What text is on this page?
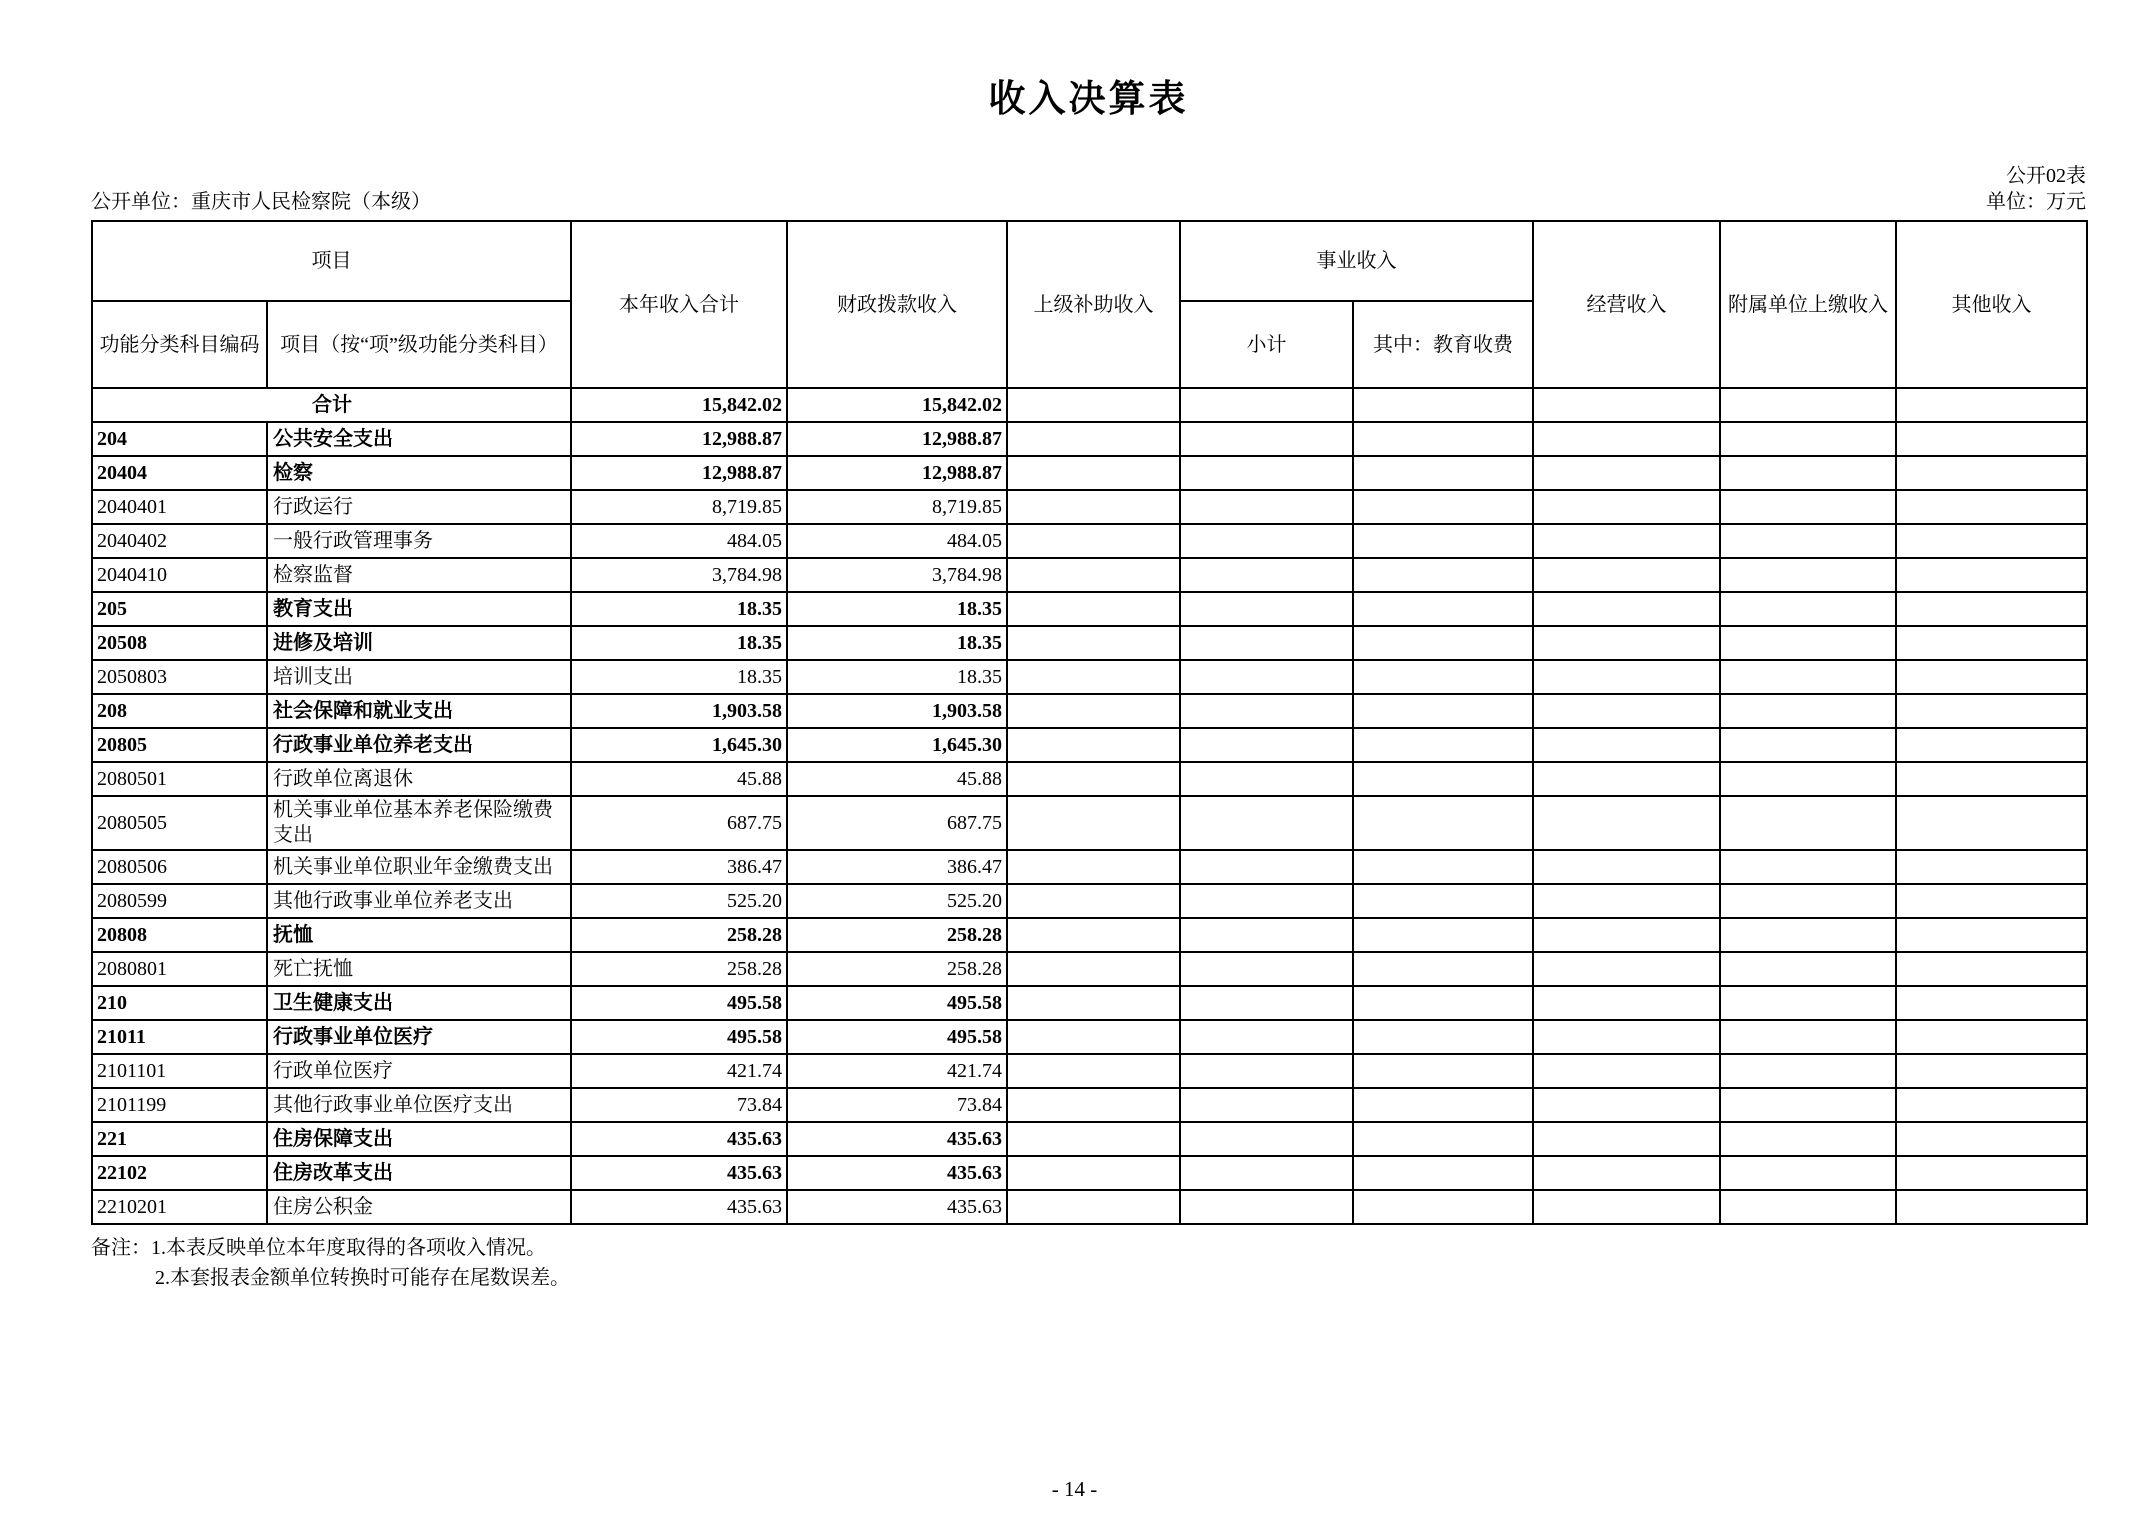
收入决算表
公开02表
公开单位：重庆市人民检察院（本级）	单位：万元
项目		本年收入合计	财政拨款收入	上级补助收入	事业收入		经营收入	附属单位上缴收入	其他收入
功能分类科目编码	项目（按“项”级功能分类科目）				小计	其中：教育收费			
合计		15,842.02	15,842.02						
204	公共安全支出	12,988.87	12,988.87						
20404	检察	12,988.87	12,988.87						
2040401	行政运行	8,719.85	8,719.85						
2040402	一般行政管理事务	484.05	484.05						
2040410	检察监督	3,784.98	3,784.98						
205	教育支出	18.35	18.35						
20508	进修及培训	18.35	18.35						
2050803	培训支出	18.35	18.35						
208	社会保障和就业支出	1,903.58	1,903.58						
20805	行政事业单位养老支出	1,645.30	1,645.30						
2080501	行政单位离退休	45.88	45.88						
2080505	机关事业单位基本养老保险缴费支出	687.75	687.75						
2080506	机关事业单位职业年金缴费支出	386.47	386.47						
2080599	其他行政事业单位养老支出	525.20	525.20						
20808	抚恤	258.28	258.28						
2080801	死亡抚恤	258.28	258.28						
210	卫生健康支出	495.58	495.58						
21011	行政事业单位医疗	495.58	495.58						
2101101	行政单位医疗	421.74	421.74						
2101199	其他行政事业单位医疗支出	73.84	73.84						
221	住房保障支出	435.63	435.63						
22102	住房改革支出	435.63	435.63						
2210201	住房公积金	435.63	435.63						
备注：1.本表反映单位本年度取得的各项收入情况。
2.本套报表金额单位转换时可能存在尾数误差。
- 14 -
